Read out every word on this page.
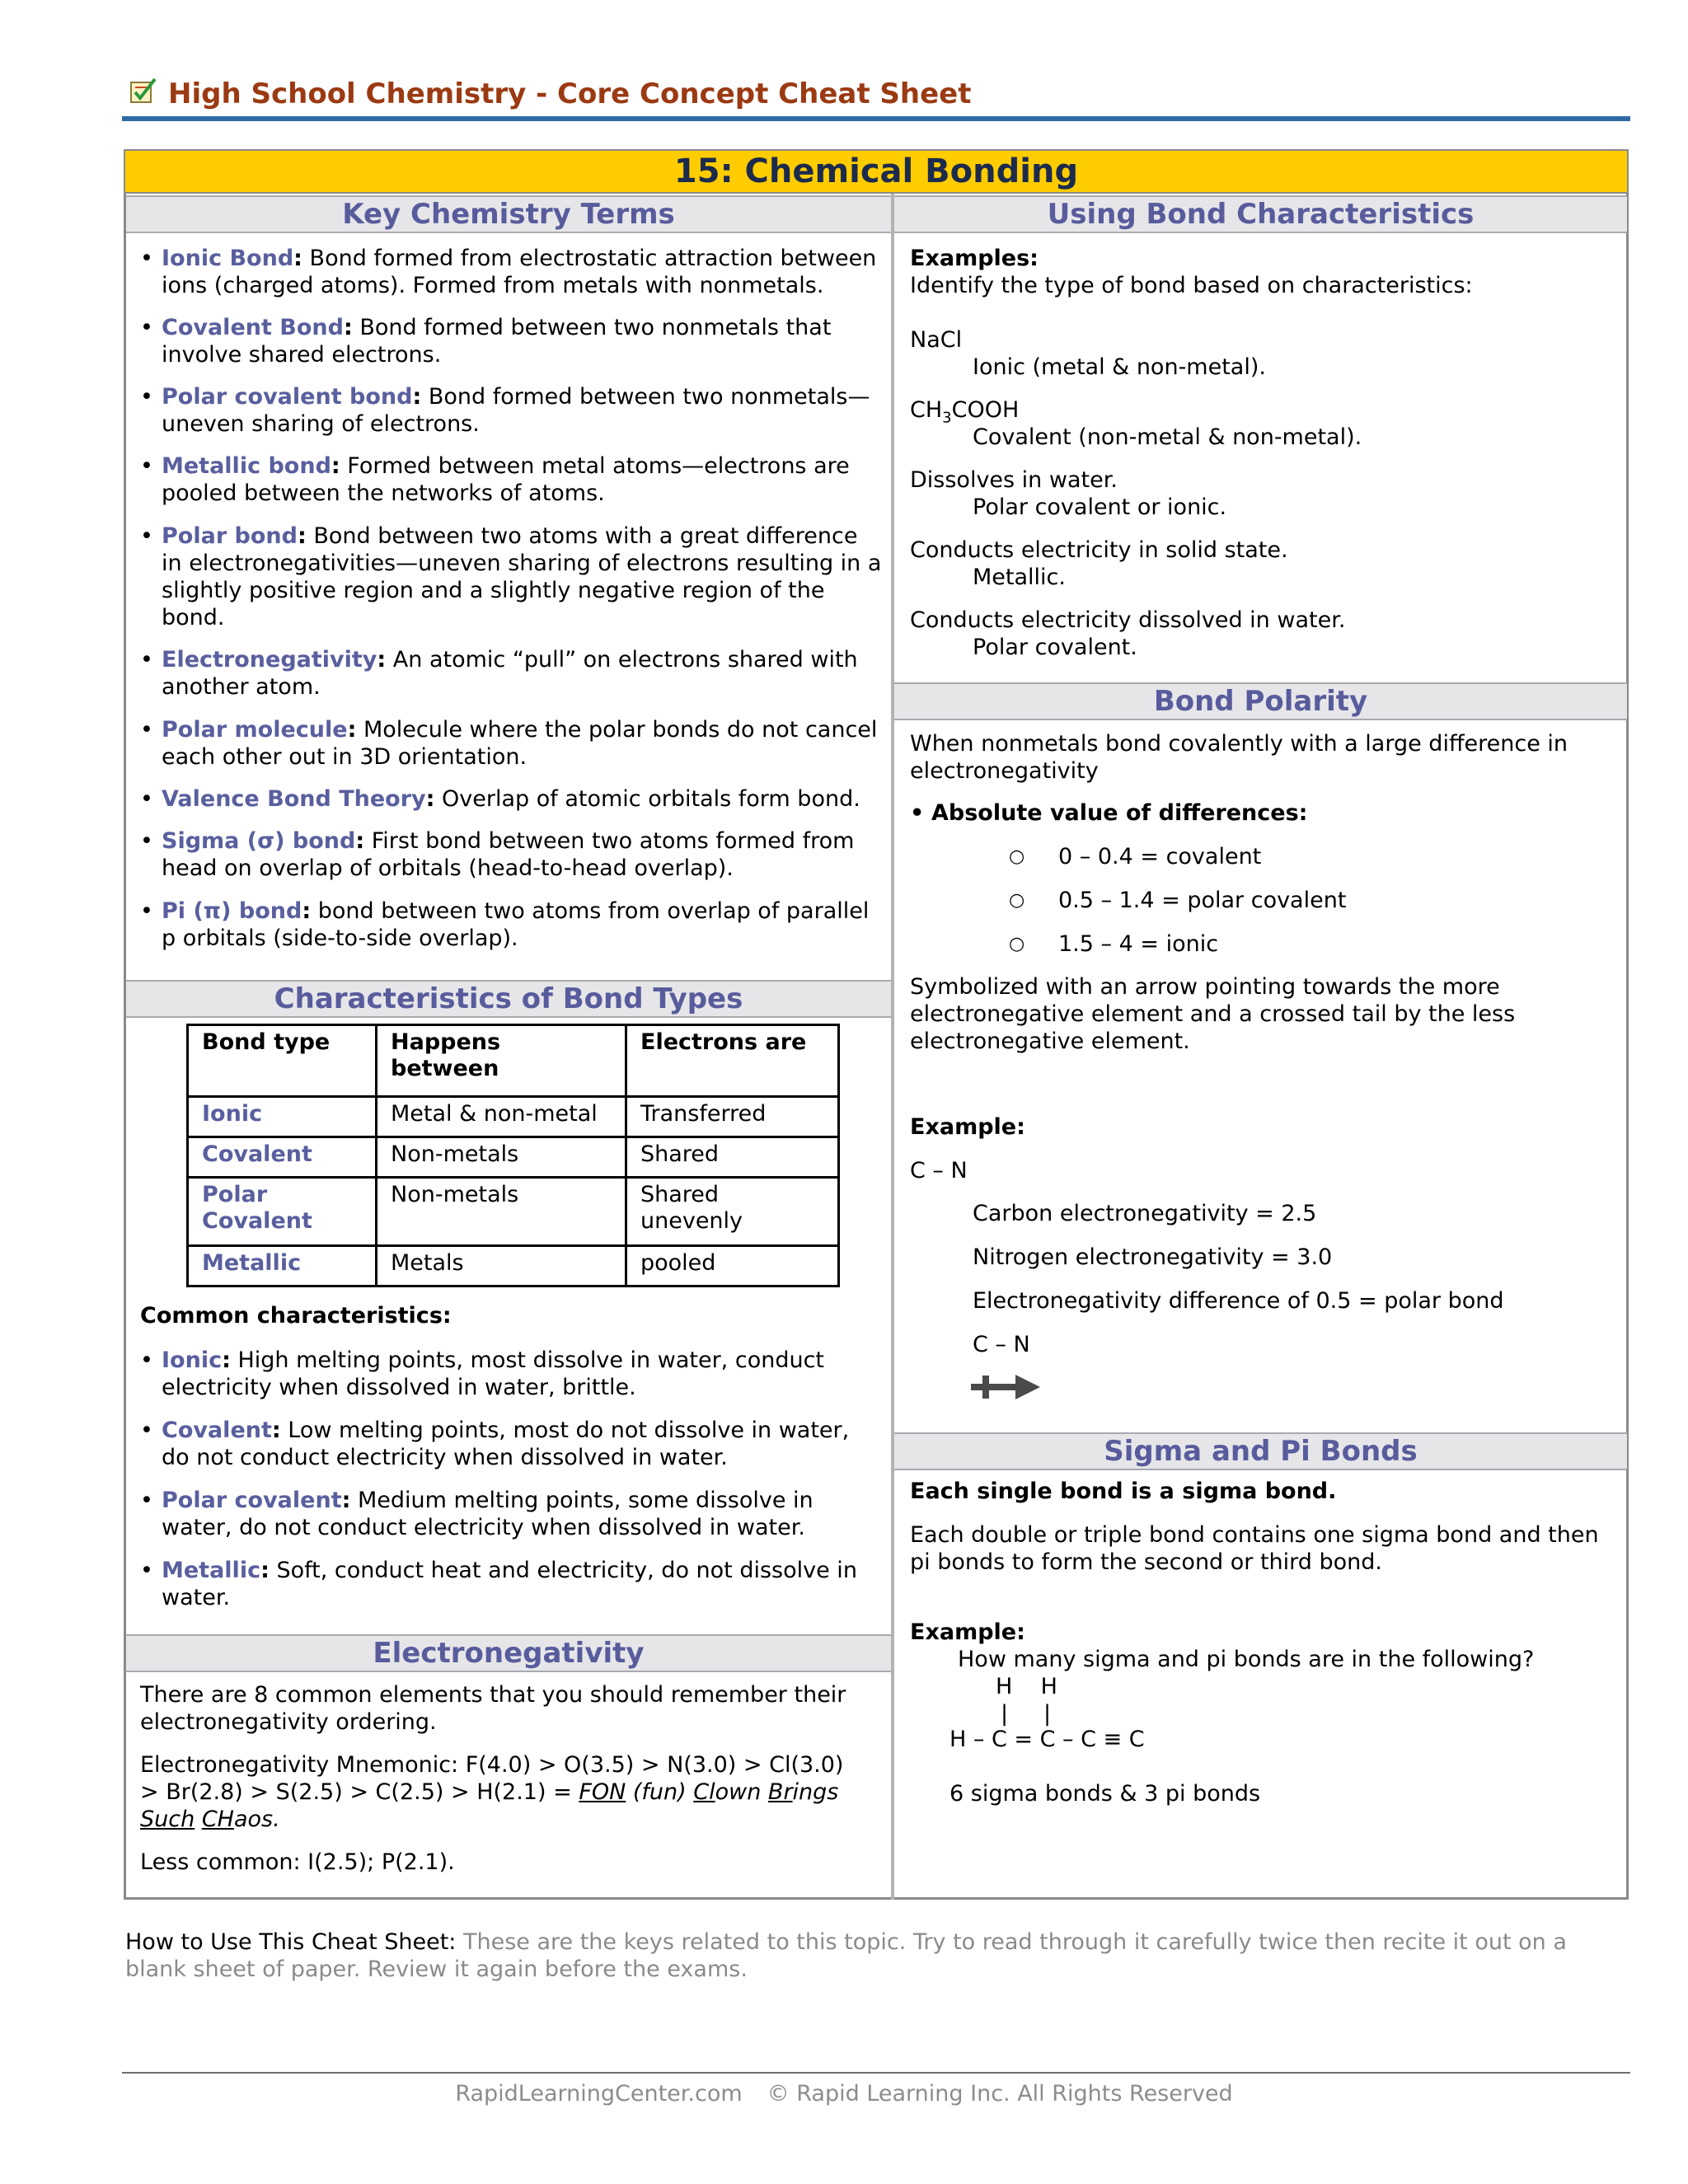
High School Chemistry - Core Concept Cheat Sheet
15: Chemical Bonding
Key Chemistry Terms
• Ionic Bond: Bond formed from electrostatic attraction between
ions (charged atoms). Formed from metals with nonmetals.
• Covalent Bond: Bond formed between two nonmetals that
involve shared electrons.
• Polar covalent bond: Bond formed between two nonmetals—
uneven sharing of electrons.
• Metallic bond: Formed between metal atoms—electrons are
pooled between the networks of atoms.
• Polar bond: Bond between two atoms with a great difference
in electronegativities—uneven sharing of electrons resulting in a
slightly positive region and a slightly negative region of the
bond.
• Electronegativity: An atomic “pull” on electrons shared with
another atom.
• Polar molecule: Molecule where the polar bonds do not cancel
each other out in 3D orientation.
• Valence Bond Theory: Overlap of atomic orbitals form bond.
• Sigma (σ) bond: First bond between two atoms formed from
head on overlap of orbitals (head-to-head overlap).
• Pi (π) bond: bond between two atoms from overlap of parallel
p orbitals (side-to-side overlap).
Characteristics of Bond Types
Bond type	Happens between	Electrons are
Ionic	Metal & non-metal	Transferred
Covalent	Non-metals	Shared
Polar Covalent	Non-metals	Shared unevenly
Metallic	Metals	pooled
Common characteristics:
• Ionic: High melting points, most dissolve in water, conduct
electricity when dissolved in water, brittle.
• Covalent: Low melting points, most do not dissolve in water,
do not conduct electricity when dissolved in water.
• Polar covalent: Medium melting points, some dissolve in
water, do not conduct electricity when dissolved in water.
• Metallic: Soft, conduct heat and electricity, do not dissolve in
water.
Electronegativity
There are 8 common elements that you should remember their
electronegativity ordering.
Electronegativity Mnemonic: F(4.0) > O(3.5) > N(3.0) > Cl(3.0)
> Br(2.8) > S(2.5) > C(2.5) > H(2.1) = FON (fun) Clown Brings
Such CHaos.
Less common: I(2.5); P(2.1).
Using Bond Characteristics
Examples:
Identify the type of bond based on characteristics:
NaCl
Ionic (metal & non-metal).
$CH_3COOH$
Covalent (non-metal & non-metal).
Dissolves in water.
Polar covalent or ionic.
Conducts electricity in solid state.
Metallic.
Conducts electricity dissolved in water.
Polar covalent.
Bond Polarity
When nonmetals bond covalently with a large difference in
electronegativity
• Absolute value of differences:
○ 0 – 0.4 = covalent
○ 0.5 – 1.4 = polar covalent
○ 1.5 – 4 = ionic
Symbolized with an arrow pointing towards the more
electronegative element and a crossed tail by the less
electronegative element.
Example:
C – N
Carbon electronegativity = 2.5
Nitrogen electronegativity = 3.0
Electronegativity difference of 0.5 = polar bond
C – N
Sigma and Pi Bonds
Each single bond is a sigma bond.
Each double or triple bond contains one sigma bond and then
pi bonds to form the second or third bond.
Example:
How many sigma and pi bonds are in the following?
H    H
|     |
H – C = C – C ≡ C
6 sigma bonds & 3 pi bonds
How to Use This Cheat Sheet: These are the keys related to this topic. Try to read through it carefully twice then recite it out on a blank sheet of paper. Review it again before the exams.
RapidLearningCenter.com © Rapid Learning Inc. All Rights Reserved
